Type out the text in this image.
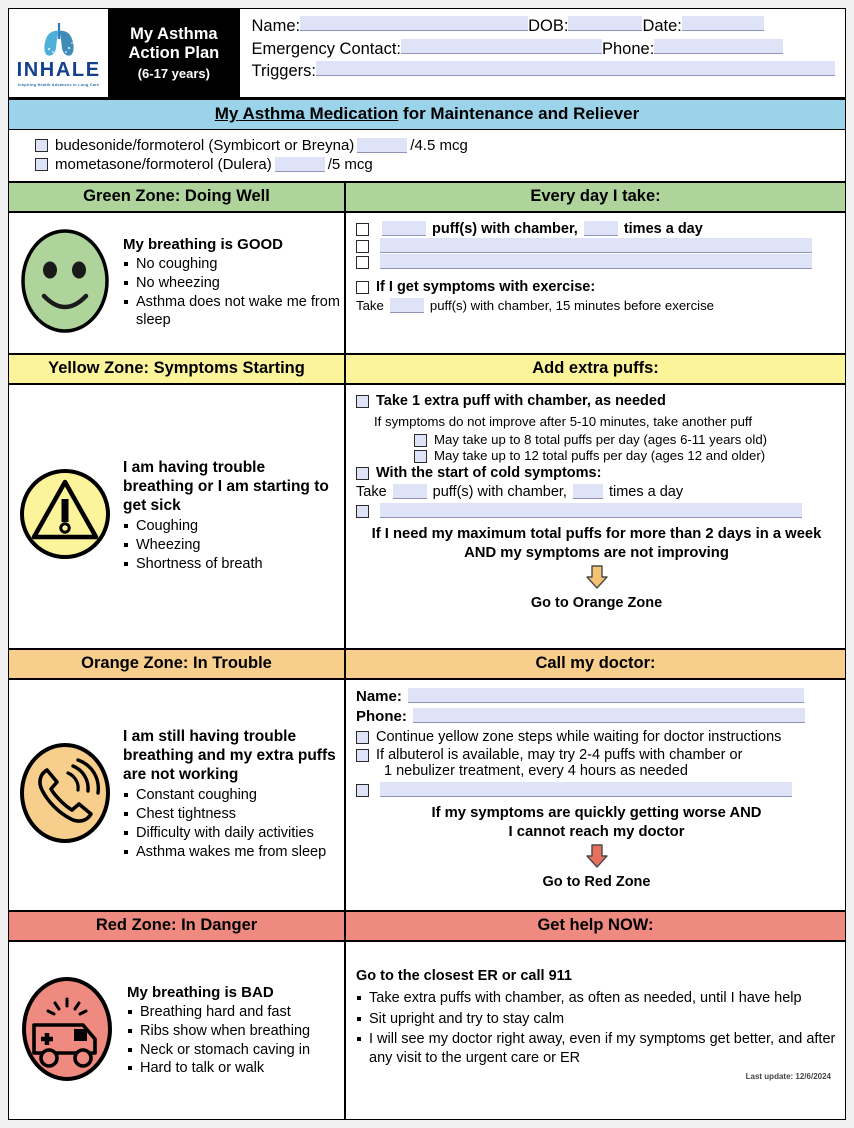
INHALE
Inspiring Health Advances in Lung Care
My Asthma
Action Plan
(6-17 years)
Name:	DOB:	Date:
Emergency Contact:	Phone:
Triggers:
My Asthma Medication for Maintenance and Reliever
budesonide/formoterol (Symbicort or Breyna)	/4.5 mcg
mometasone/formoterol (Dulera)	/5 mcg
Green Zone: Doing Well	Every day I take:
My breathing is GOOD
No coughing
No wheezing
Asthma does not wake me from sleep
puff(s) with chamber,	times a day
If I get symptoms with exercise:
Take	puff(s) with chamber, 15 minutes before exercise
Yellow Zone: Symptoms Starting	Add extra puffs:
I am having trouble breathing or I am starting to get sick
Coughing
Wheezing
Shortness of breath
Take 1 extra puff with chamber, as needed
If symptoms do not improve after 5-10 minutes, take another puff
May take up to 8 total puffs per day (ages 6-11 years old)
May take up to 12 total puffs per day (ages 12 and older)
With the start of cold symptoms:
Take	puff(s) with chamber,	times a day
If I need my maximum total puffs for more than 2 days in a week
AND my symptoms are not improving
Go to Orange Zone
Orange Zone: In Trouble	Call my doctor:
I am still having trouble breathing and my extra puffs are not working
Constant coughing
Chest tightness
Difficulty with daily activities
Asthma wakes me from sleep
Name:
Phone:
Continue yellow zone steps while waiting for doctor instructions
If albuterol is available, may try 2-4 puffs with chamber or
1 nebulizer treatment, every 4 hours as needed
If my symptoms are quickly getting worse AND
I cannot reach my doctor
Go to Red Zone
Red Zone: In Danger	Get help NOW:
My breathing is BAD
Breathing hard and fast
Ribs show when breathing
Neck or stomach caving in
Hard to talk or walk
Go to the closest ER or call 911
Take extra puffs with chamber, as often as needed, until I have help
Sit upright and try to stay calm
I will see my doctor right away, even if my symptoms get better, and after any visit to the urgent care or ER
Last update: 12/6/2024
